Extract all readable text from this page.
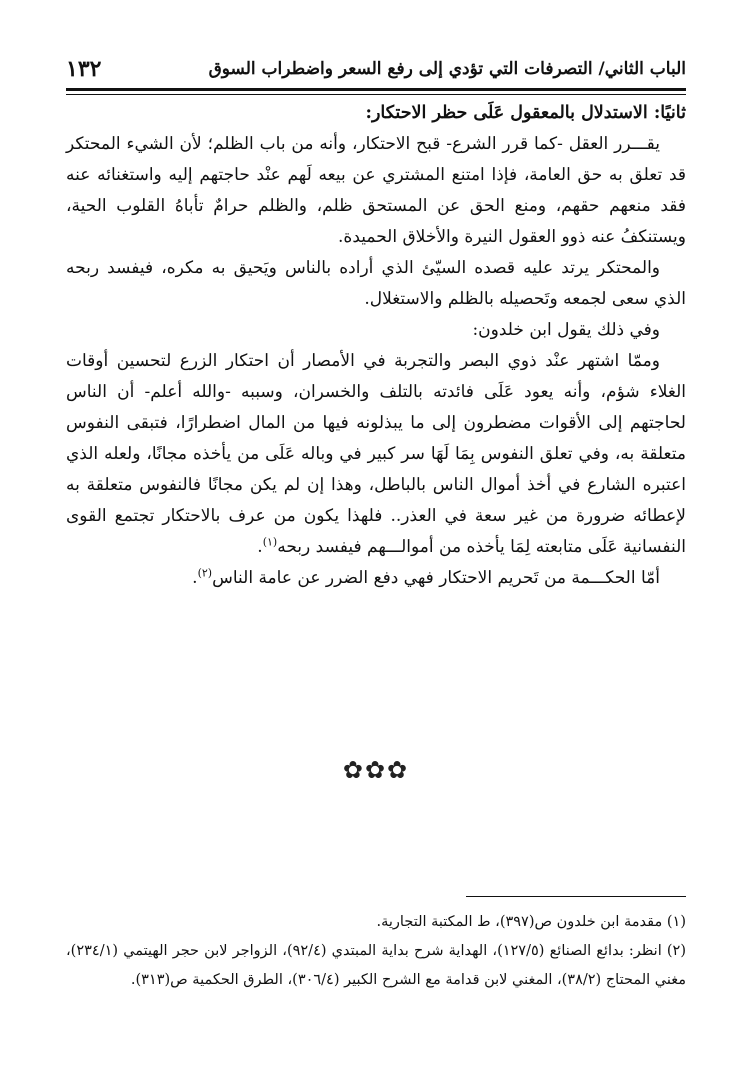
الباب الثاني/ التصرفات التي تؤدي إلى رفع السعر واضطراب السوق
١٣٢

ثانيًا: الاستدلال بالمعقول عَلَى حظر الاحتكار:

يقـــرر العقل -كما قرر الشرع- قبح الاحتكار، وأنه من باب الظلم؛ لأن الشيء المحتكر قد تعلق به حق العامة، فإذا امتنع المشتري عن بيعه لَهم عنْد حاجتهم إليه واستغنائه عنه فقد منعهم حقهم، ومنع الحق عن المستحق ظلم، والظلم حرامٌ تأباهُ القلوب الحية، ويستنكفُ عنه ذوو العقول النيرة والأخلاق الحميدة.

والمحتكر يرتد عليه قصده السيّئ الذي أراده بالناس ويَحيق به مكره، فيفسد ربحه الذي سعى لجمعه وتَحصيله بالظلم والاستغلال.

وفي ذلك يقول ابن خلدون:

وممّا اشتهر عنْد ذوي البصر والتجربة في الأمصار أن احتكار الزرع لتحسين أوقات الغلاء شؤم، وأنه يعود عَلَى فائدته بالتلف والخسران، وسببه -والله أعلم- أن الناس لحاجتهم إلى الأقوات مضطرون إلى ما يبذلونه فيها من المال اضطرارًا، فتبقى النفوس متعلقة به، وفي تعلق النفوس بِمَا لَهَا سر كبير في وباله عَلَى من يأخذه مجانًا، ولعله الذي اعتبره الشارع في أخذ أموال الناس بالباطل، وهذا إن لم يكن مجانًا فالنفوس متعلقة به لإعطائه ضرورة من غير سعة في العذر.. فلهذا يكون من عرف بالاحتكار تجتمع القوى النفسانية عَلَى متابعته لِمَا يأخذه من أموالـــهم فيفسد ربحه$^{(١)}$.

أمّا الحكـــمة من تَحريم الاحتكار فهي دفع الضرر عن عامة الناس$^{(٢)}$.

✿✿✿

(١) مقدمة ابن خلدون ص(٣٩٧)، ط المكتبة التجارية.

(٢) انظر: بدائع الصنائع (١٢٧/٥)، الهداية شرح بداية المبتدي (٩٢/٤)، الزواجر لابن حجر الهيتمي (٢٣٤/١)، مغني المحتاج (٣٨/٢)، المغني لابن قدامة مع الشرح الكبير (٣٠٦/٤)، الطرق الحكمية ص(٣١٣).
